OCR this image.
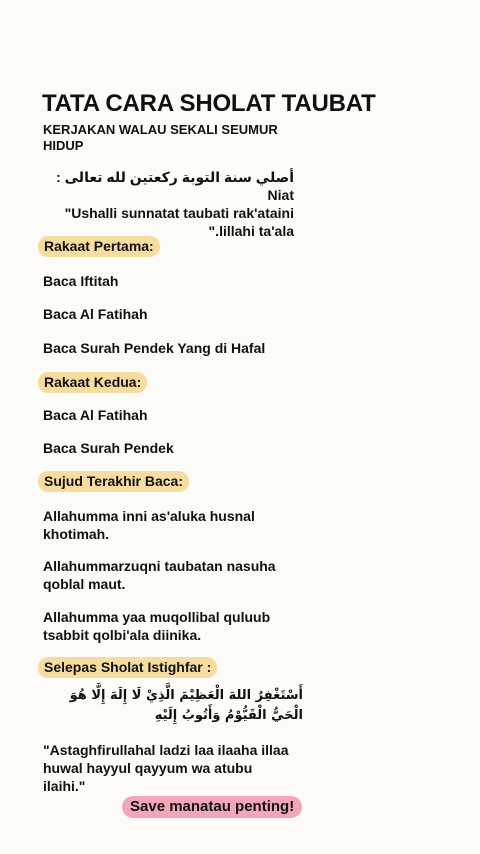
TATA CARA SHOLAT TAUBAT
KERJAKAN WALAU SEKALI SEUMUR HIDUP
أصلي سنة التوبة ركعتين لله تعالى : Niat
"Ushalli sunnatat taubati rak'ataini
".lillahi ta'ala
Rakaat Pertama:
Baca Iftitah
Baca Al Fatihah
Baca Surah Pendek Yang di Hafal
Rakaat Kedua:
Baca Al Fatihah
Baca Surah Pendek
Sujud Terakhir Baca:
Allahumma inni as'aluka husnal khotimah.
Allahummarzuqni taubatan nasuha qoblal maut.
Allahumma yaa muqollibal quluub tsabbit qolbi'ala diinika.
Selepas Sholat Istighfar :
أَسْتَغْفِرُ اللهَ الْعَظِيْمَ الَّذِيْ لَا إِلَهَ إِلَّا هُوَ الْحَيُّ الْقَيُّوْمُ وَأَتُوبُ إِلَيْهِ
"Astaghfirullahal ladzi laa ilaaha illaa huwal hayyul qayyum wa atubu ilaihi."
Save manatau penting!
